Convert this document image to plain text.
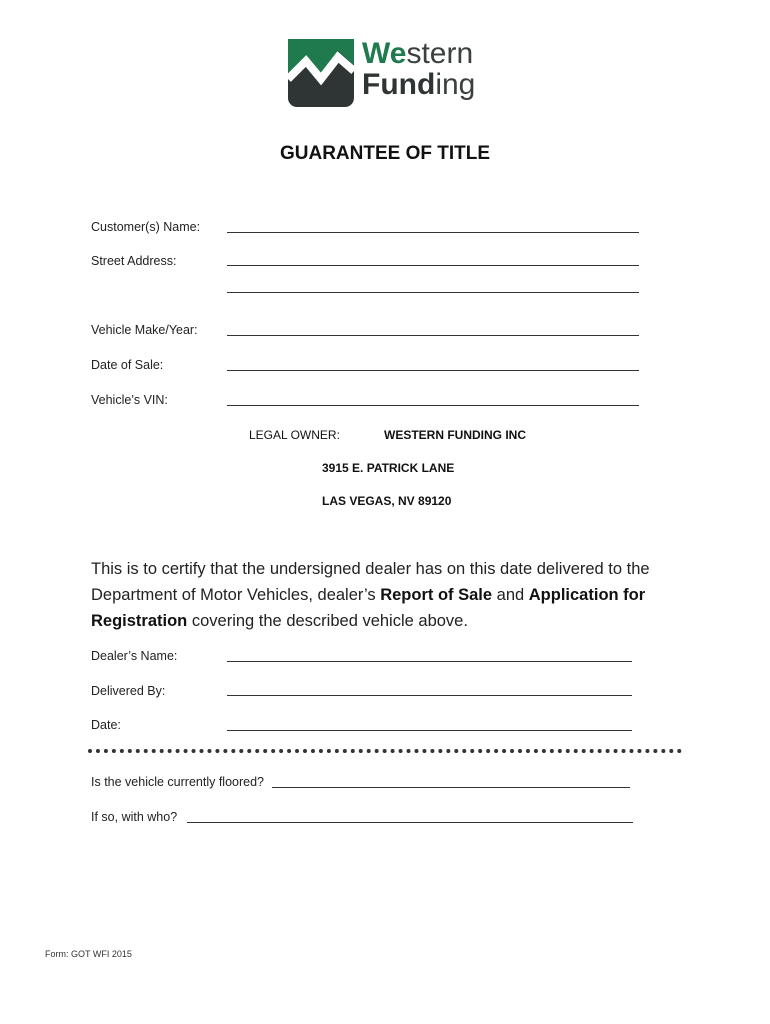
Western
Funding
GUARANTEE OF TITLE
Customer(s) Name:
Street Address:
Vehicle Make/Year:
Date of Sale:
Vehicle’s VIN:
LEGAL OWNER:	WESTERN FUNDING INC
3915 E. PATRICK LANE
LAS VEGAS, NV 89120
This is to certify that the undersigned dealer has on this date delivered to the Department of Motor Vehicles, dealer’s Report of Sale and Application for Registration covering the described vehicle above.
Dealer’s Name:
Delivered By:
Date:
Is the vehicle currently floored?
If so, with who?
Form: GOT WFI 2015
